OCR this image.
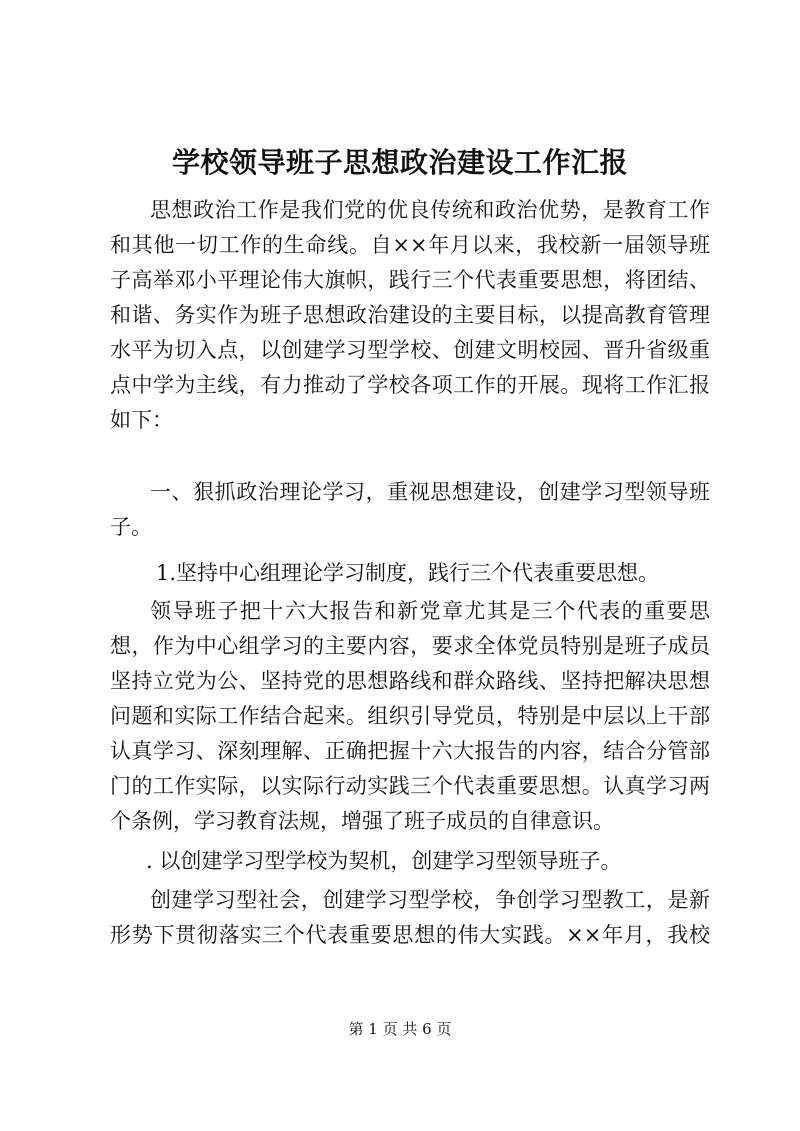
学校领导班子思想政治建设工作汇报
思想政治工作是我们党的优良传统和政治优势，是教育工作
和其他一切工作的生命线。自××年月以来，我校新一届领导班
子高举邓小平理论伟大旗帜，践行三个代表重要思想，将团结、
和谐、务实作为班子思想政治建设的主要目标，以提高教育管理
水平为切入点，以创建学习型学校、创建文明校园、晋升省级重
点中学为主线，有力推动了学校各项工作的开展。现将工作汇报
如下：
一、狠抓政治理论学习，重视思想建设，创建学习型领导班
子。
1.坚持中心组理论学习制度，践行三个代表重要思想。
领导班子把十六大报告和新党章尤其是三个代表的重要思
想，作为中心组学习的主要内容，要求全体党员特别是班子成员
坚持立党为公、坚持党的思想路线和群众路线、坚持把解决思想
问题和实际工作结合起来。组织引导党员，特别是中层以上干部
认真学习、深刻理解、正确把握十六大报告的内容，结合分管部
门的工作实际，以实际行动实践三个代表重要思想。认真学习两
个条例，学习教育法规，增强了班子成员的自律意识。
. 以创建学习型学校为契机，创建学习型领导班子。
创建学习型社会，创建学习型学校，争创学习型教工，是新
形势下贯彻落实三个代表重要思想的伟大实践。××年月，我校
第 1 页 共 6 页
